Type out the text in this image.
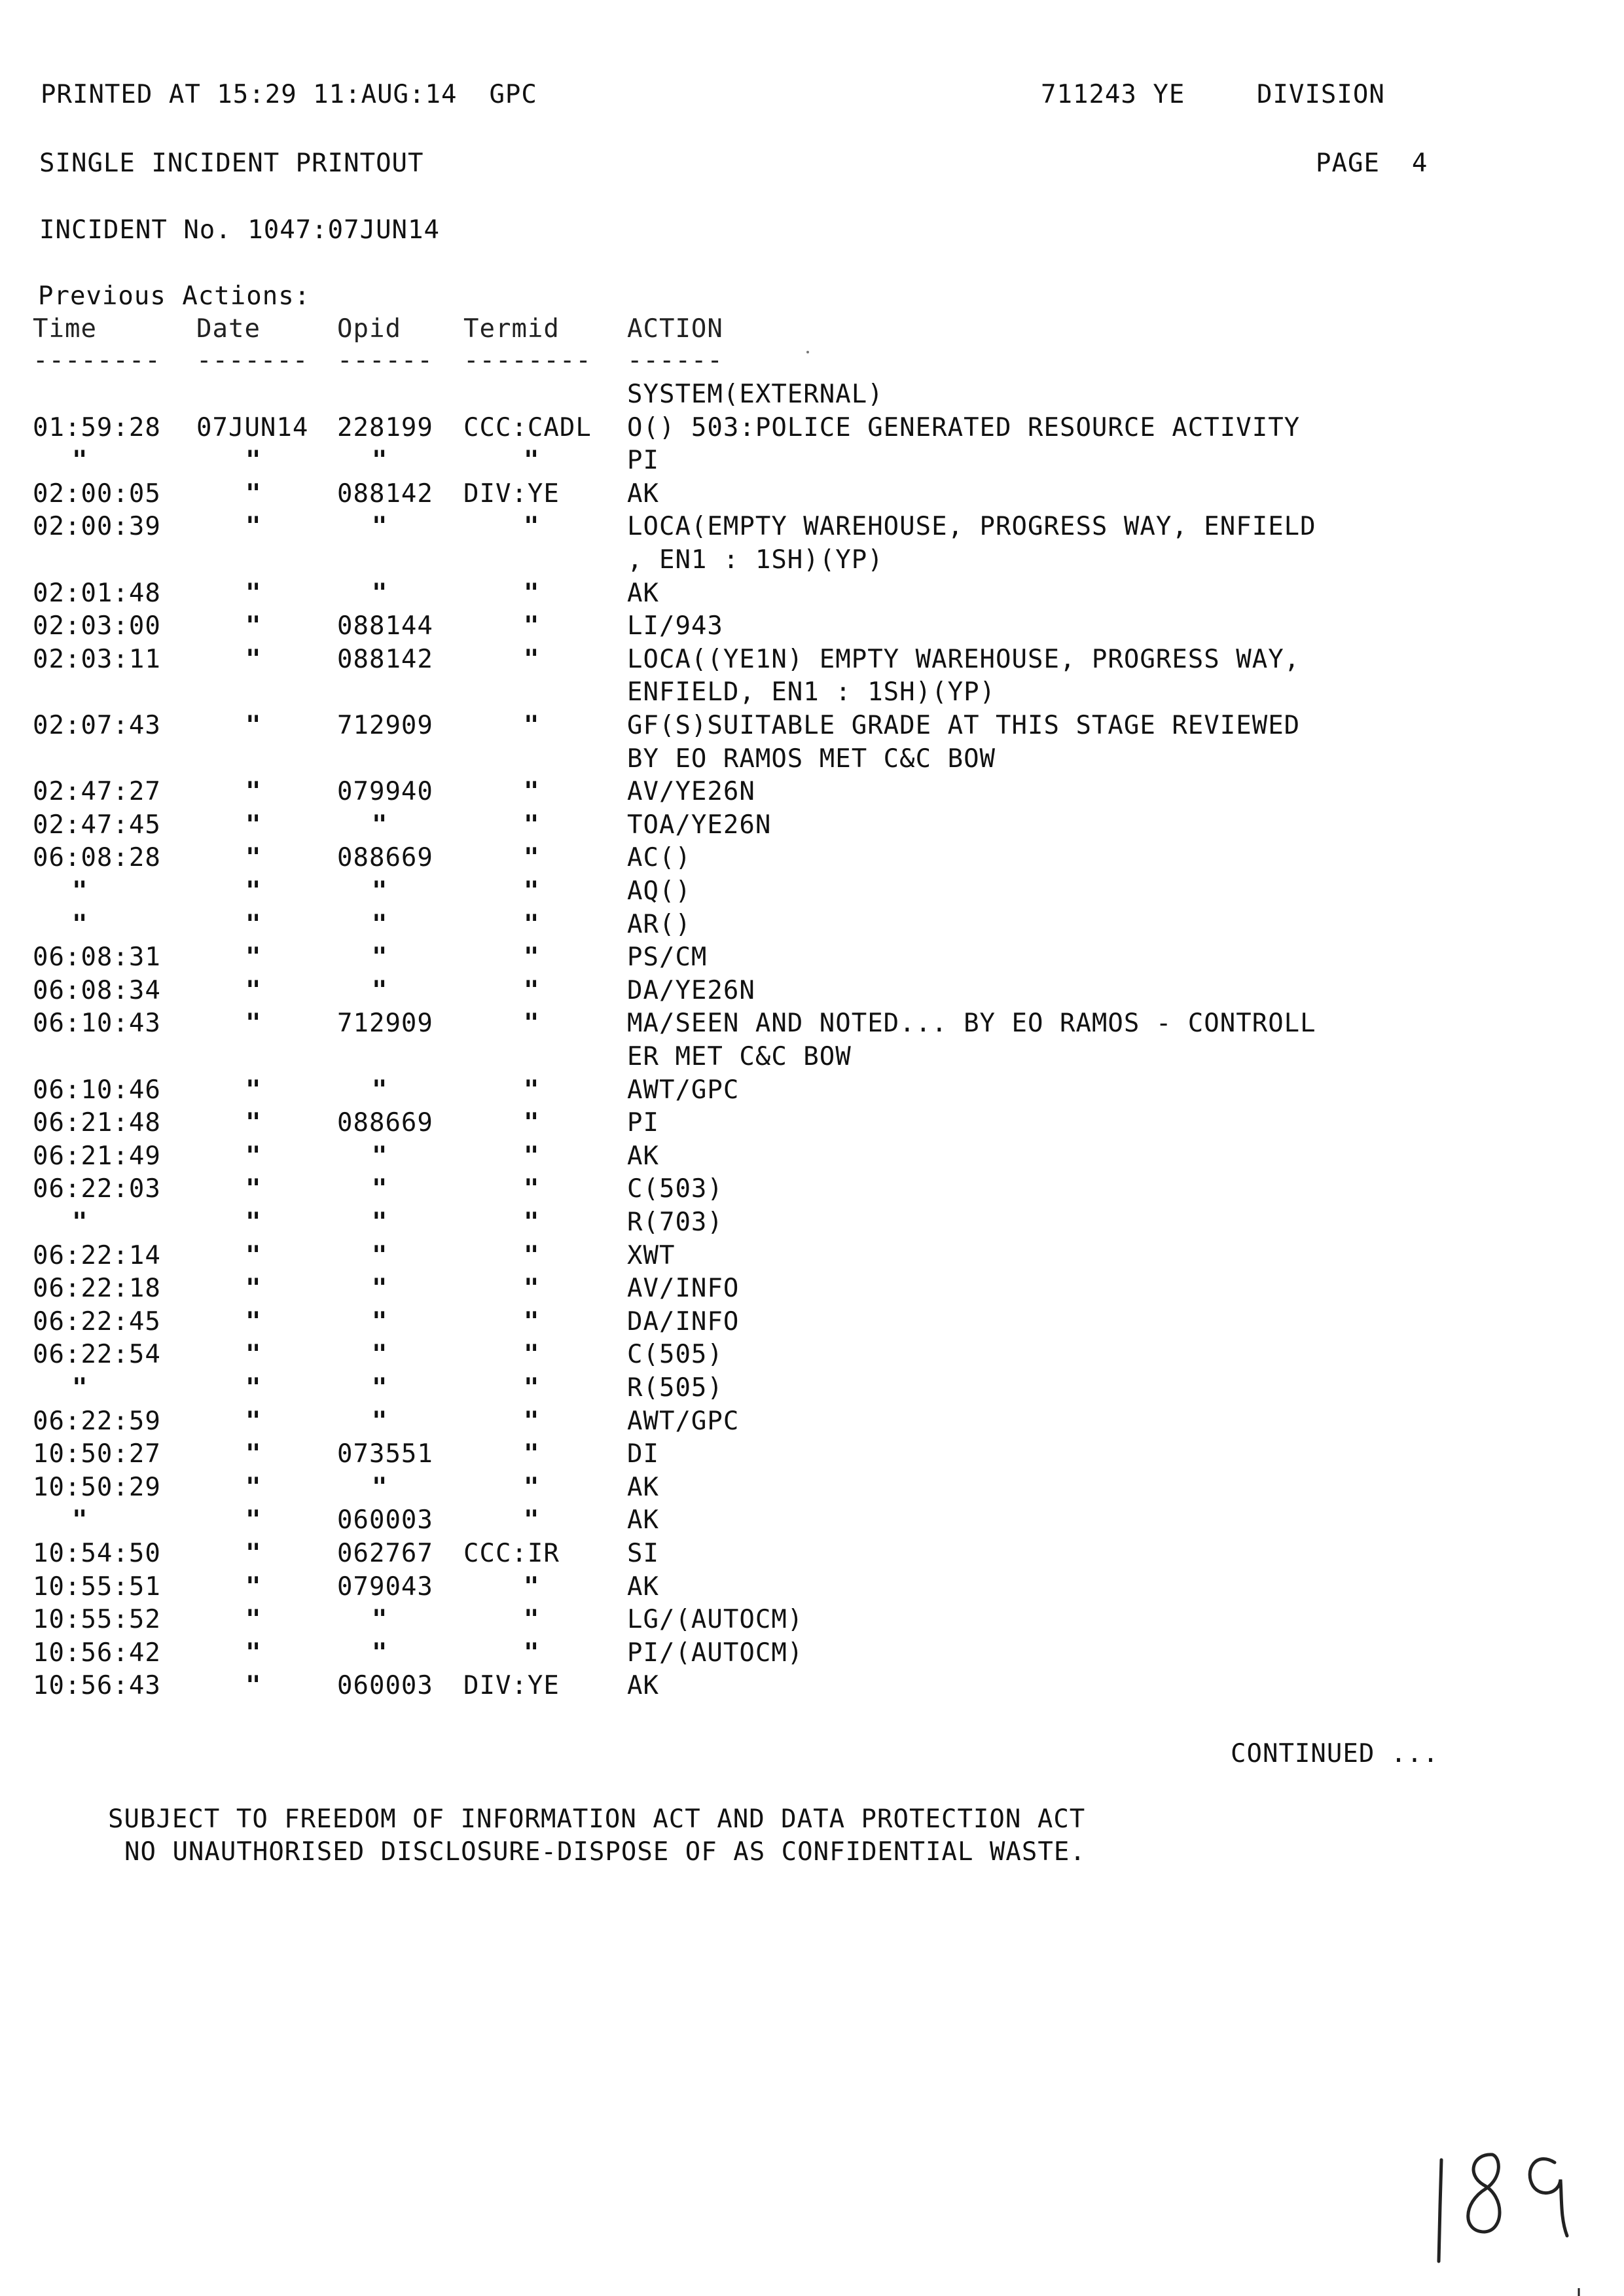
PRINTED AT 15:29 11:AUG:14  GPC	711243 YE	DIVISION
SINGLE INCIDENT PRINTOUT	PAGE  4
INCIDENT No. 1047:07JUN14
Previous Actions:
Time	Date	Opid Termid	ACTION
-------- ------- ------ -------- ------
SYSTEM(EXTERNAL)
01:59:28 07JUN14 228199 CCC:CADL O() 503:POLICE GENERATED RESOURCE ACTIVITY
"	"	"	"	PI
02:00:05	"	088142 DIV:YE	AK
02:00:39	"	"	"	LOCA(EMPTY WAREHOUSE, PROGRESS WAY, ENFIELD
, EN1 : 1SH)(YP)
02:01:48	"	"	"	AK
02:03:00	"	088144	"	LI/943
02:03:11	"	088142	"	LOCA((YE1N) EMPTY WAREHOUSE, PROGRESS WAY,
ENFIELD, EN1 : 1SH)(YP)
02:07:43	"	712909	"	GF(S)SUITABLE GRADE AT THIS STAGE REVIEWED
BY EO RAMOS MET C&C BOW
02:47:27	"	079940	"	AV/YE26N
02:47:45	"	"	"	TOA/YE26N
06:08:28	"	088669	"	AC()
"	"	"	"	AQ()
"	"	"	"	AR()
06:08:31	"	"	"	PS/CM
06:08:34	"	"	"	DA/YE26N
06:10:43	"	712909	"	MA/SEEN AND NOTED... BY EO RAMOS - CONTROLL
ER MET C&C BOW
06:10:46	"	"	"	AWT/GPC
06:21:48	"	088669	"	PI
06:21:49	"	"	"	AK
06:22:03	"	"	"	C(503)
"	"	"	"	R(703)
06:22:14	"	"	"	XWT
06:22:18	"	"	"	AV/INFO
06:22:45	"	"	"	DA/INFO
06:22:54	"	"	"	C(505)
"	"	"	"	R(505)
06:22:59	"	"	"	AWT/GPC
10:50:27	"	073551	"	DI
10:50:29	"	"	"	AK
"	"	060003	"	AK
10:54:50	"	062767 CCC:IR	SI
10:55:51	"	079043	"	AK
10:55:52	"	"	"	LG/(AUTOCM)
10:56:42	"	"	"	PI/(AUTOCM)
10:56:43	"	060003 DIV:YE	AK
CONTINUED ...
SUBJECT TO FREEDOM OF INFORMATION ACT AND DATA PROTECTION ACT
NO UNAUTHORISED DISCLOSURE-DISPOSE OF AS CONFIDENTIAL WASTE.
